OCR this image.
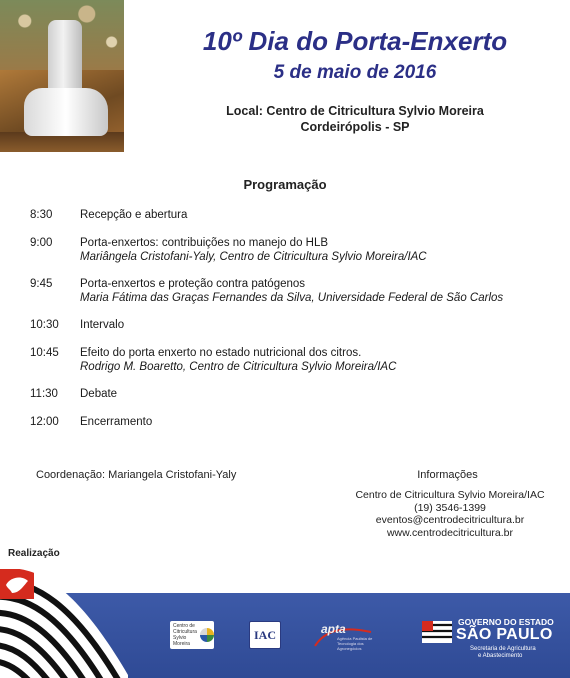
10º Dia do Porta-Enxerto
5 de maio de 2016
Local: Centro de Citricultura Sylvio Moreira
Cordeirópolis - SP
Programação
8:30	Recepção e abertura
9:00	Porta-enxertos: contribuições no manejo do HLB
Mariângela Cristofani-Yaly, Centro de Citricultura Sylvio Moreira/IAC
9:45	Porta-enxertos e proteção contra patógenos
Maria Fátima das Graças Fernandes da Silva, Universidade Federal de São Carlos
10:30	Intervalo
10:45	Efeito do porta enxerto no estado nutricional dos citros.
Rodrigo M. Boaretto, Centro de Citricultura Sylvio Moreira/IAC
11:30	Debate
12:00	Encerramento
Coordenação: Mariangela Cristofani-Yaly	Informações
Centro de Citricultura Sylvio Moreira/IAC
(19) 3546-1399
eventos@centrodecitricultura.br
www.centrodecitricultura.br
Realização
Centro de
Citricultura
Sylvio Moreira
IAC	apta
Agência Paulista de Tecnologia dos Agronegócios
GOVERNO DO ESTADO
SÃO PAULO
Secretaria de Agricultura
e Abastecimento
